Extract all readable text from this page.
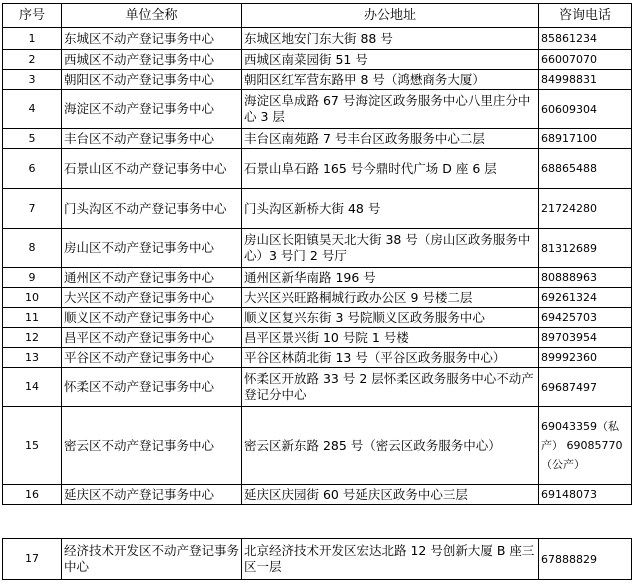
序号	单位全称	办公地址	咨询电话
1	东城区不动产登记事务中心	东城区地安门东大街 88 号	85861234
2	西城区不动产登记事务中心	西城区南菜园街 51 号	66007070
3	朝阳区不动产登记事务中心	朝阳区红军营东路甲 8 号（鸿懋商务大厦）	84998831
4	海淀区不动产登记事务中心	海淀区阜成路 67 号海淀区政务服务中心八里庄分中心 3 层	60609304
5	丰台区不动产登记事务中心	丰台区南苑路 7 号丰台区政务服务中心二层	68917100
6	石景山区不动产登记事务中心	石景山阜石路 165 号今鼎时代广场 D 座 6 层	68865488
7	门头沟区不动产登记事务中心	门头沟区新桥大街 48 号	21724280
8	房山区不动产登记事务中心	房山区长阳镇昊天北大街 38 号（房山区政务服务中心）3 号门 2 号厅	81312689
9	通州区不动产登记事务中心	通州区新华南路 196 号	80888963
10	大兴区不动产登记事务中心	大兴区兴旺路桐城行政办公区 9 号楼二层	69261324
11	顺义区不动产登记事务中心	顺义区复兴东街 3 号院顺义区政务服务中心	69425703
12	昌平区不动产登记事务中心	昌平区景兴街 10 号院 1 号楼	89703954
13	平谷区不动产登记事务中心	平谷区林荫北街 13 号（平谷区政务服务中心）	89992360
14	怀柔区不动产登记事务中心	怀柔区开放路 33 号 2 层怀柔区政务服务中心不动产登记分中心	69687497
15	密云区不动产登记事务中心	密云区新东路 285 号（密云区政务服务中心）	69043359（私产） 69085770（公产）
16	延庆区不动产登记事务中心	延庆区庆园街 60 号延庆区政务中心三层	69148073
17	经济技术开发区不动产登记事务中心	北京经济技术开发区宏达北路 12 号创新大厦 B 座三区一层	67888829
